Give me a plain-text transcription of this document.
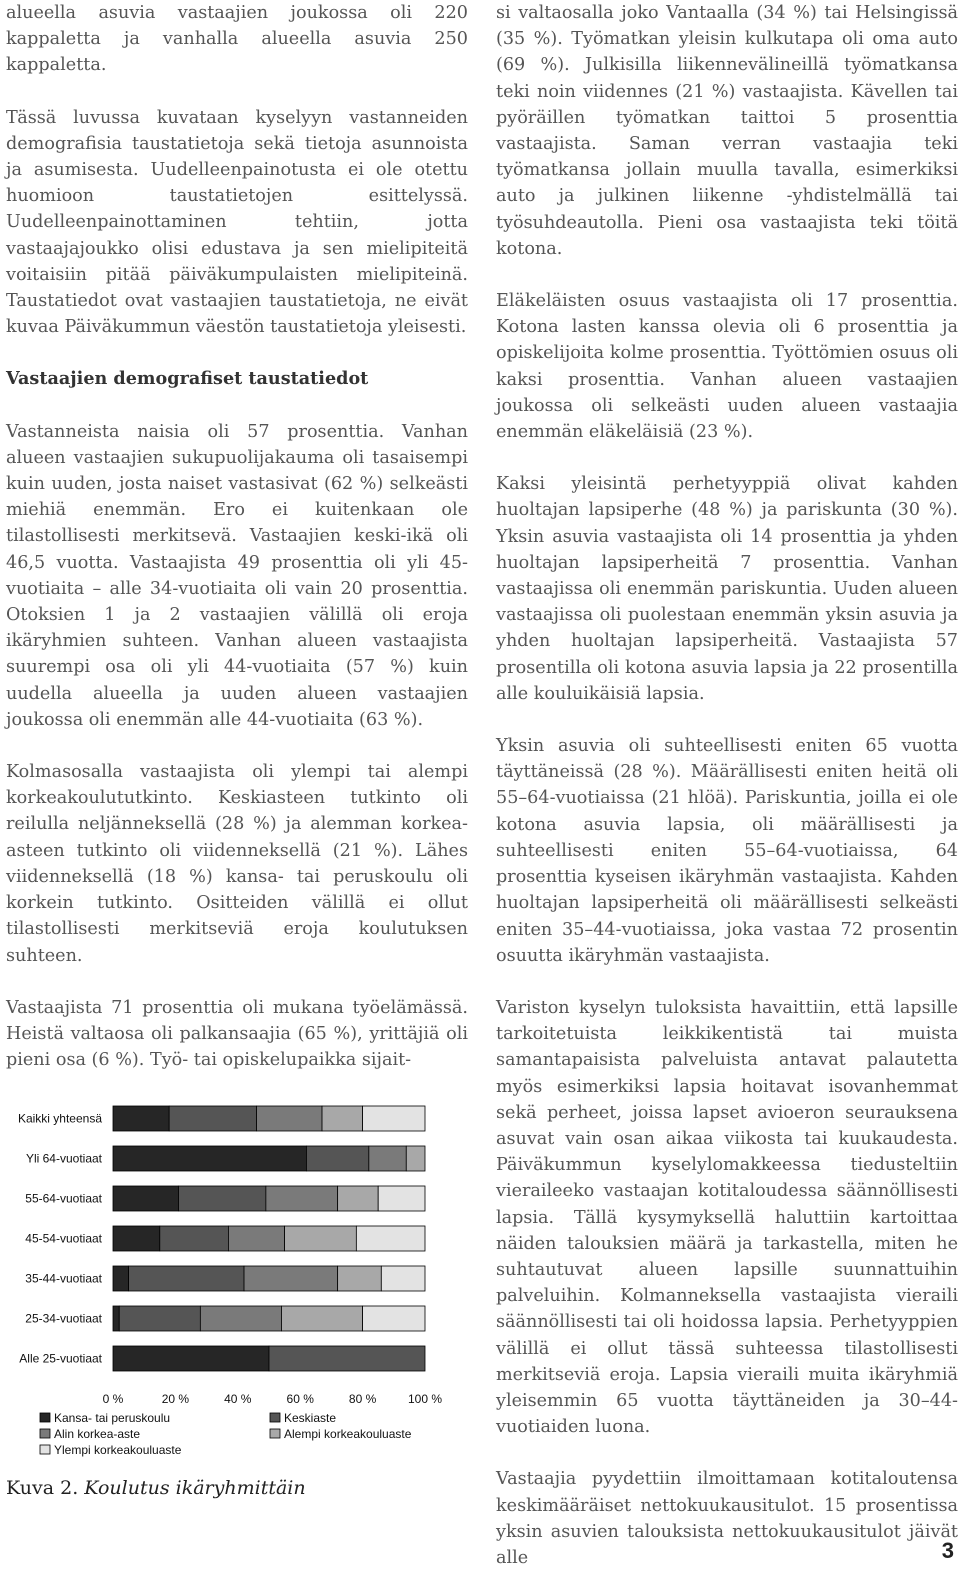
alueella asuvia vastaajien joukossa oli 220 kappaletta ja vanhalla alueella asuvia 250 kappaletta.

Tässä luvussa kuvataan kyselyyn vastanneiden demografisia taustatietoja sekä tietoja asunnoista ja asumisesta. Uudelleenpainotusta ei ole otettu huomioon taustatietojen esittelyssä. Uudelleenpainottaminen tehtiin, jotta vastaajajoukko olisi edustava ja sen mielipiteitä voitaisiin pitää päiväkumpulaisten mielipiteinä. Taustatiedot ovat vastaajien taustatietoja, ne eivät kuvaa Päiväkummun väestön taustatietoja yleisesti.

Vastaajien demografiset taustatiedot

Vastanneista naisia oli 57 prosenttia. Vanhan alueen vastaajien sukupuolijakauma oli tasaisempi kuin uuden, josta naiset vastasivat (62 %) selkeästi miehiä enemmän. Ero ei kuitenkaan ole tilastollisesti merkitsevä. Vastaajien keski-ikä oli 46,5 vuotta. Vastaajista 49 prosenttia oli yli 45-vuotiaita – alle 34-vuotiaita oli vain 20 prosenttia. Otoksien 1 ja 2 vastaajien välillä oli eroja ikäryhmien suhteen. Vanhan alueen vastaajista suurempi osa oli yli 44-vuotiaita (57 %) kuin uudella alueella ja uuden alueen vastaajien joukossa oli enemmän alle 44-vuotiaita (63 %).

Kolmasosalla vastaajista oli ylempi tai alempi korkeakoulututkinto. Keskiasteen tutkinto oli reilulla neljänneksellä (28 %) ja alemman korkea-asteen tutkinto oli viidenneksellä (21 %). Lähes viidenneksellä (18 %) kansa- tai peruskoulu oli korkein tutkinto. Ositteiden välillä ei ollut tilastollisesti merkitseviä eroja koulutuksen suhteen.

Vastaajista 71 prosenttia oli mukana työelämässä. Heistä valtaosa oli palkansaajia (65 %), yrittäjiä oli pieni osa (6 %). Työ- tai opiskelupaikka sijait-

si valtaosalla joko Vantaalla (34 %) tai Helsingissä (35 %). Työmatkan yleisin kulkutapa oli oma auto (69 %). Julkisilla liikennevälineillä työmatkansa teki noin viidennes (21 %) vastaajista. Kävellen tai pyöräillen työmatkan taittoi 5 prosenttia vastaajista. Saman verran vastaajia teki työmatkansa jollain muulla tavalla, esimerkiksi auto ja julkinen liikenne -yhdistelmällä tai työsuhdeautolla. Pieni osa vastaajista teki töitä kotona.

Eläkeläisten osuus vastaajista oli 17 prosenttia. Kotona lasten kanssa olevia oli 6 prosenttia ja opiskelijoita kolme prosenttia. Työttömien osuus oli kaksi prosenttia. Vanhan alueen vastaajien joukossa oli selkeästi uuden alueen vastaajia enemmän eläkeläisiä (23 %).

Kaksi yleisintä perhetyyppiä olivat kahden huoltajan lapsiperhe (48 %) ja pariskunta (30 %). Yksin asuvia vastaajista oli 14 prosenttia ja yhden huoltajan lapsiperheitä 7 prosenttia. Vanhan vastaajissa oli enemmän pariskuntia. Uuden alueen vastaajissa oli puolestaan enemmän yksin asuvia ja yhden huoltajan lapsiperheitä. Vastaajista 57 prosentilla oli kotona asuvia lapsia ja 22 prosentilla alle kouluikäisiä lapsia.

Yksin asuvia oli suhteellisesti eniten 65 vuotta täyttäneissä (28 %). Määrällisesti eniten heitä oli 55–64-vuotiaissa (21 hlöä). Pariskuntia, joilla ei ole kotona asuvia lapsia, oli määrällisesti ja suhteellisesti eniten 55–64-vuotiaissa, 64 prosenttia kyseisen ikäryhmän vastaajista. Kahden huoltajan lapsiperheitä oli määrällisesti selkeästi eniten 35–44-vuotiaissa, joka vastaa 72 prosentin osuutta ikäryhmän vastaajista.

Variston kyselyn tuloksista havaittiin, että lapsille tarkoitetuista leikkikentistä tai muista samantapaisista palveluista antavat palautetta myös esimerkiksi lapsia hoitavat isovanhemmat sekä perheet, joissa lapset avioeron seurauksena asuvat vain osan aikaa viikosta tai kuukaudesta. Päiväkummun kyselylomakkeessa tiedusteltiin vieraileeko vastaajan kotitaloudessa säännöllisesti lapsia. Tällä kysymyksellä haluttiin kartoittaa näiden talouksien määrä ja tarkastella, miten he suhtautuvat alueen lapsille suunnattuihin palveluihin. Kolmanneksella vastaajista vieraili säännöllisesti tai oli hoidossa lapsia. Perhetyyppien välillä ei ollut tässä suhteessa tilastollisesti merkitseviä eroja. Lapsia vieraili muita ikäryhmiä yleisemmin 65 vuotta täyttäneiden ja 30–44-vuotiaiden luona.

Vastaajia pyydettiin ilmoittamaan kotitaloutensa keskimääräiset nettokuukausitulot. 15 prosentissa yksin asuvien talouksista nettokuukausitulot jäivät alle

Kaikki yhteensä
Yli 64-vuotiaat
55-64-vuotiaat
45-54-vuotiaat
35-44-vuotiaat
25-34-vuotiaat
Alle 25-vuotiaat
0 %	20 %	40 %	60 %	80 %	100 %
Kansa- tai peruskoulu	Keskiaste
Alin korkea-aste	Alempi korkeakouluaste
Ylempi korkeakouluaste
Kuva 2. Koulutus ikäryhmittäin
3
